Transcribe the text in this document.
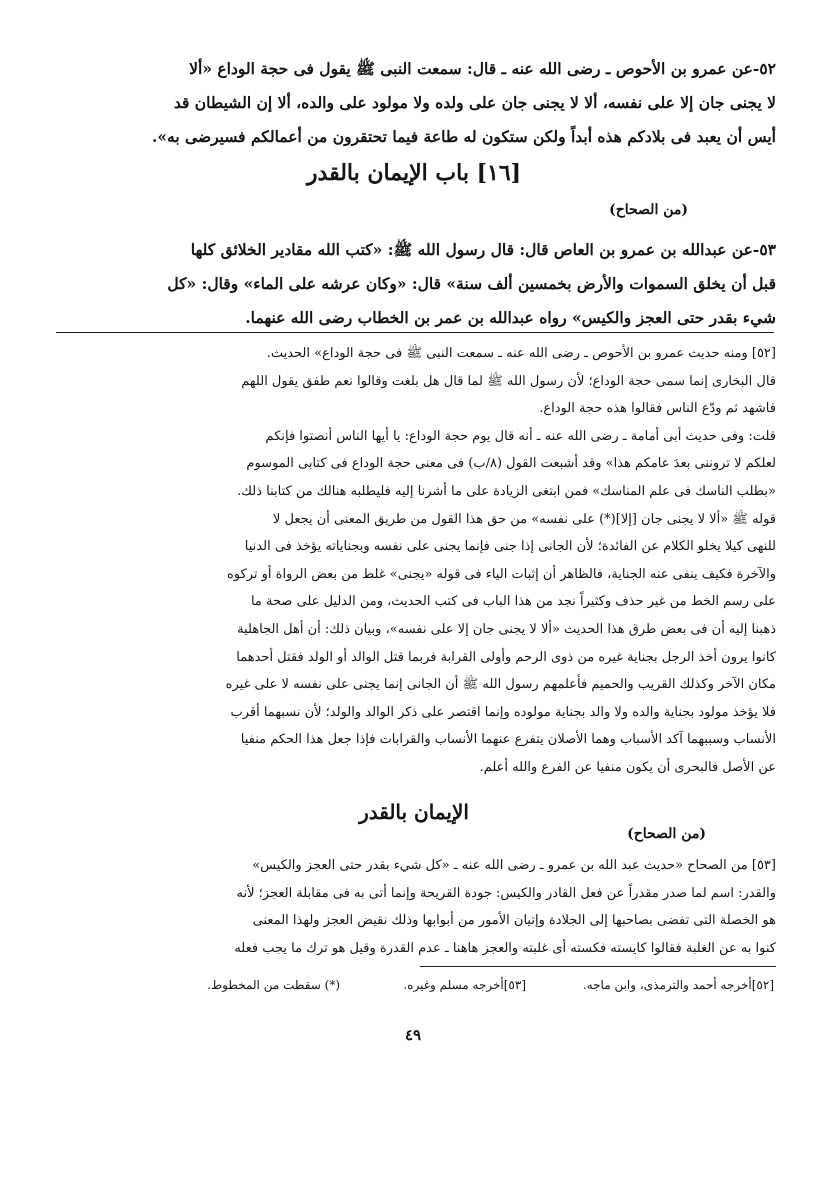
٥٢-عن عمرو بن الأحوص ـ رضى الله عنه ـ قال: سمعت النبى ﷺ يقول فى حجة الوداع «ألا
لا يجنى جان إلا على نفسه، ألا لا يجنى جان على ولده ولا مولود على والده، ألا إن الشيطان قد
أيس أن يعبد فى بلادكم هذه أبداً ولكن ستكون له طاعة فيما تحتقرون من أعمالكم فسيرضى به».
[١٦] باب الإيمان بالقدر
(من الصحاح)
٥٣-عن عبدالله بن عمرو بن العاص قال: قال رسول الله ﷺ: «كتب الله مقادير الخلائق كلها
قبل أن يخلق السموات والأرض بخمسين ألف سنة» قال: «وكان عرشه على الماء» وقال: «كل
شيء بقدر حتى العجز والكيس» رواه عبدالله بن عمر بن الخطاب رضى الله عنهما.
[٥٢] ومنه حديث عمرو بن الأحوص ـ رضى الله عنه ـ سمعت النبى ﷺ فى حجة الوداع» الحديث.
قال البخارى إنما سمى حجة الوداع؛ لأن رسول الله ﷺ لما قال هل بلغت وقالوا نعم طفق يقول اللهم
فاشهد ثم ودّع الناس فقالوا هذه حجة الوداع.
قلت: وفى حديث أبى أمامة ـ رضى الله عنه ـ أنه قال يوم حجة الوداع: يا أيها الناس أنصتوا فإنكم
لعلكم لا تروننى بعدَ عامكم هذا» وقد أشبعت القول (٨/ب) فى معنى حجة الوداع فى كتابى الموسوم
«بطلب الناسك فى علم المناسك» فمن ابتغى الزيادة على ما أشرنا إليه فليطلبه هنالك من كتابنا ذلك.
قوله ﷺ «ألا لا يجنى جان [إلا](*) على نفسه» من حق هذا القول من طريق المعنى أن يجعل لا
للنهى كيلا يخلو الكلام عن الفائدة؛ لأن الجانى إذا جنى فإنما يجنى على نفسه وبجناياته يؤخذ فى الدنيا
والآخرة فكيف ينفى عنه الجناية، فالظاهر أن إثبات الياء فى قوله «يجنى» غلط من بعض الرواة أو تركوه
على رسم الخط من غير حذف وكثيراً نجد من هذا الباب فى كتب الحديث، ومن الدليل على صحة ما
ذهبنا إليه أن فى بعض طرق هذا الحديث «ألا لا يجنى جان إلا على نفسه»، وبيان ذلك: أن أهل الجاهلية
كانوا يرون أخذ الرجل بجناية غيره من ذوى الرحم وأولى القرابة فربما قتل الوالد أو الولد فقتل أحدهما
مكان الآخر وكذلك القريب والحميم فأعلمهم رسول الله ﷺ أن الجانى إنما يجنى على نفسه لا على غيره
فلا يؤخذ مولود بجناية والده ولا والد بجناية مولوده وإنما اقتصر على ذكر الوالد والولد؛ لأن نسبهما أقرب
الأنساب وسببهما آكد الأسباب وهما الأصلان يتفرع عنهما الأنساب والقرابات فإذا جعل هذا الحكم منفيا
عن الأصل فالبحرى أن يكون منفيا عن الفرع والله أعلم.
الإيمان بالقدر
(من الصحاح)
[٥٣] من الصحاح «حديث عبد الله بن عمرو ـ رضى الله عنه ـ «كل شيء بقدر حتى العجز والكيس»
والقدر: اسم لما صدر مقدراً عن فعل القادر والكيس: جودة القريحة وإنما أتى به فى مقابلة العجز؛ لأنه
هو الخصلة التى تفضى بصاحبها إلى الجلادة وإتيان الأمور من أبوابها وذلك نقيض العجز ولهذا المعنى
كنوا به عن الغلبة فقالوا كايسته فكسته أى غلبته والعجز هاهنا ـ عدم القدرة وقيل هو ترك ما يجب فعله
[٥٢]أخرجه أحمد والترمذى، وابن ماجه.
[٥٣]أخرجه مسلم وغيره.
(*) سقطت من المخطوط.
٤٩
